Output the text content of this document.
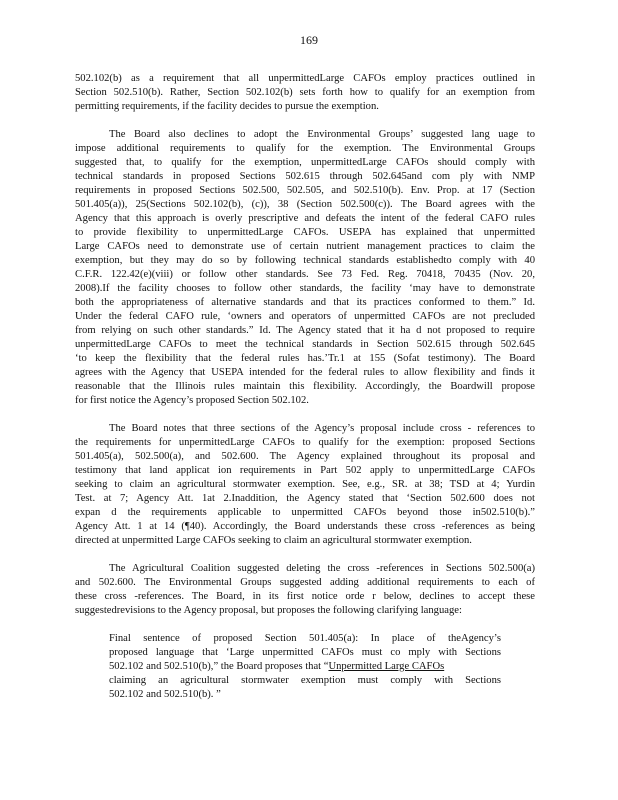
169
502.102(b) as a requirement that all unpermittedLarge CAFOs employ practices outlined in
Section 502.510(b). Rather, Section 502.102(b) sets forth how to qualify for an exemption from
permitting requirements, if the facility decides to pursue the exemption.
The Board also declines to adopt the Environmental Groups’ suggested lang uage to
impose additional requirements to qualify for the exemption. The Environmental Groups
suggested that, to qualify for the exemption, unpermittedLarge CAFOs should comply with
technical standards in proposed Sections 502.615 through 502.645and com ply with NMP
requirements in proposed Sections 502.500, 502.505, and 502.510(b). Env. Prop. at 17 (Section
501.405(a)), 25(Sections 502.102(b), (c)), 38 (Section 502.500(c)). The Board agrees with the
Agency that this approach is overly prescriptive and defeats the intent of the federal CAFO rules
to provide flexibility to unpermittedLarge CAFOs. USEPA has explained that unpermitted
Large CAFOs need to demonstrate use of certain nutrient management practices to claim the
exemption, but they may do so by following technical standards establishedto comply with 40
C.F.R. 122.42(e)(viii) or follow other standards. See 73 Fed. Reg. 70418, 70435 (Nov. 20,
2008).If the facility chooses to follow other standards, the facility ‘may have to demonstrate
both the appropriateness of alternative standards and that its practices conformed to them.” Id.
Under the federal CAFO rule, ‘owners and operators of unpermitted CAFOs are not precluded
from relying on such other standards.” Id. The Agency stated that it ha d not proposed to require
unpermittedLarge CAFOs to meet the technical standards in Section 502.615 through 502.645
‘to keep the flexibility that the federal rules has.’Tr.1 at 155 (Sofat testimony). The Board
agrees with the Agency that USEPA intended for the federal rules to allow flexibility and finds it
reasonable that the Illinois rules maintain this flexibility. Accordingly, the Boardwill propose
for first notice the Agency’s proposed Section 502.102.
The Board notes that three sections of the Agency’s proposal include cross - references to
the requirements for unpermittedLarge CAFOs to qualify for the exemption: proposed Sections
501.405(a), 502.500(a), and 502.600. The Agency explained throughout its proposal and
testimony that land applicat ion requirements in Part 502 apply to unpermittedLarge CAFOs
seeking to claim an agricultural stormwater exemption. See, e.g., SR. at 38; TSD at 4; Yurdin
Test. at 7; Agency Att. 1at 2.Inaddition, the Agency stated that ‘Section 502.600 does not
expan d the requirements applicable to unpermitted CAFOs beyond those in502.510(b).”
Agency Att. 1 at 14 (¶40). Accordingly, the Board understands these cross -references as being
directed at unpermitted Large CAFOs seeking to claim an agricultural stormwater exemption.
The Agricultural Coalition suggested deleting the cross -references in Sections 502.500(a)
and 502.600. The Environmental Groups suggested adding additional requirements to each of
these cross -references. The Board, in its first notice orde r below, declines to accept these
suggestedrevisions to the Agency proposal, but proposes the following clarifying language:
Final sentence of proposed Section 501.405(a): In place of theAgency’s
proposed language that ‘Large unpermitted CAFOs must co mply with Sections
502.102 and 502.510(b),” the Board proposes that “Unpermitted Large CAFOs
claiming an agricultural stormwater exemption must comply with Sections
502.102 and 502.510(b). ”
